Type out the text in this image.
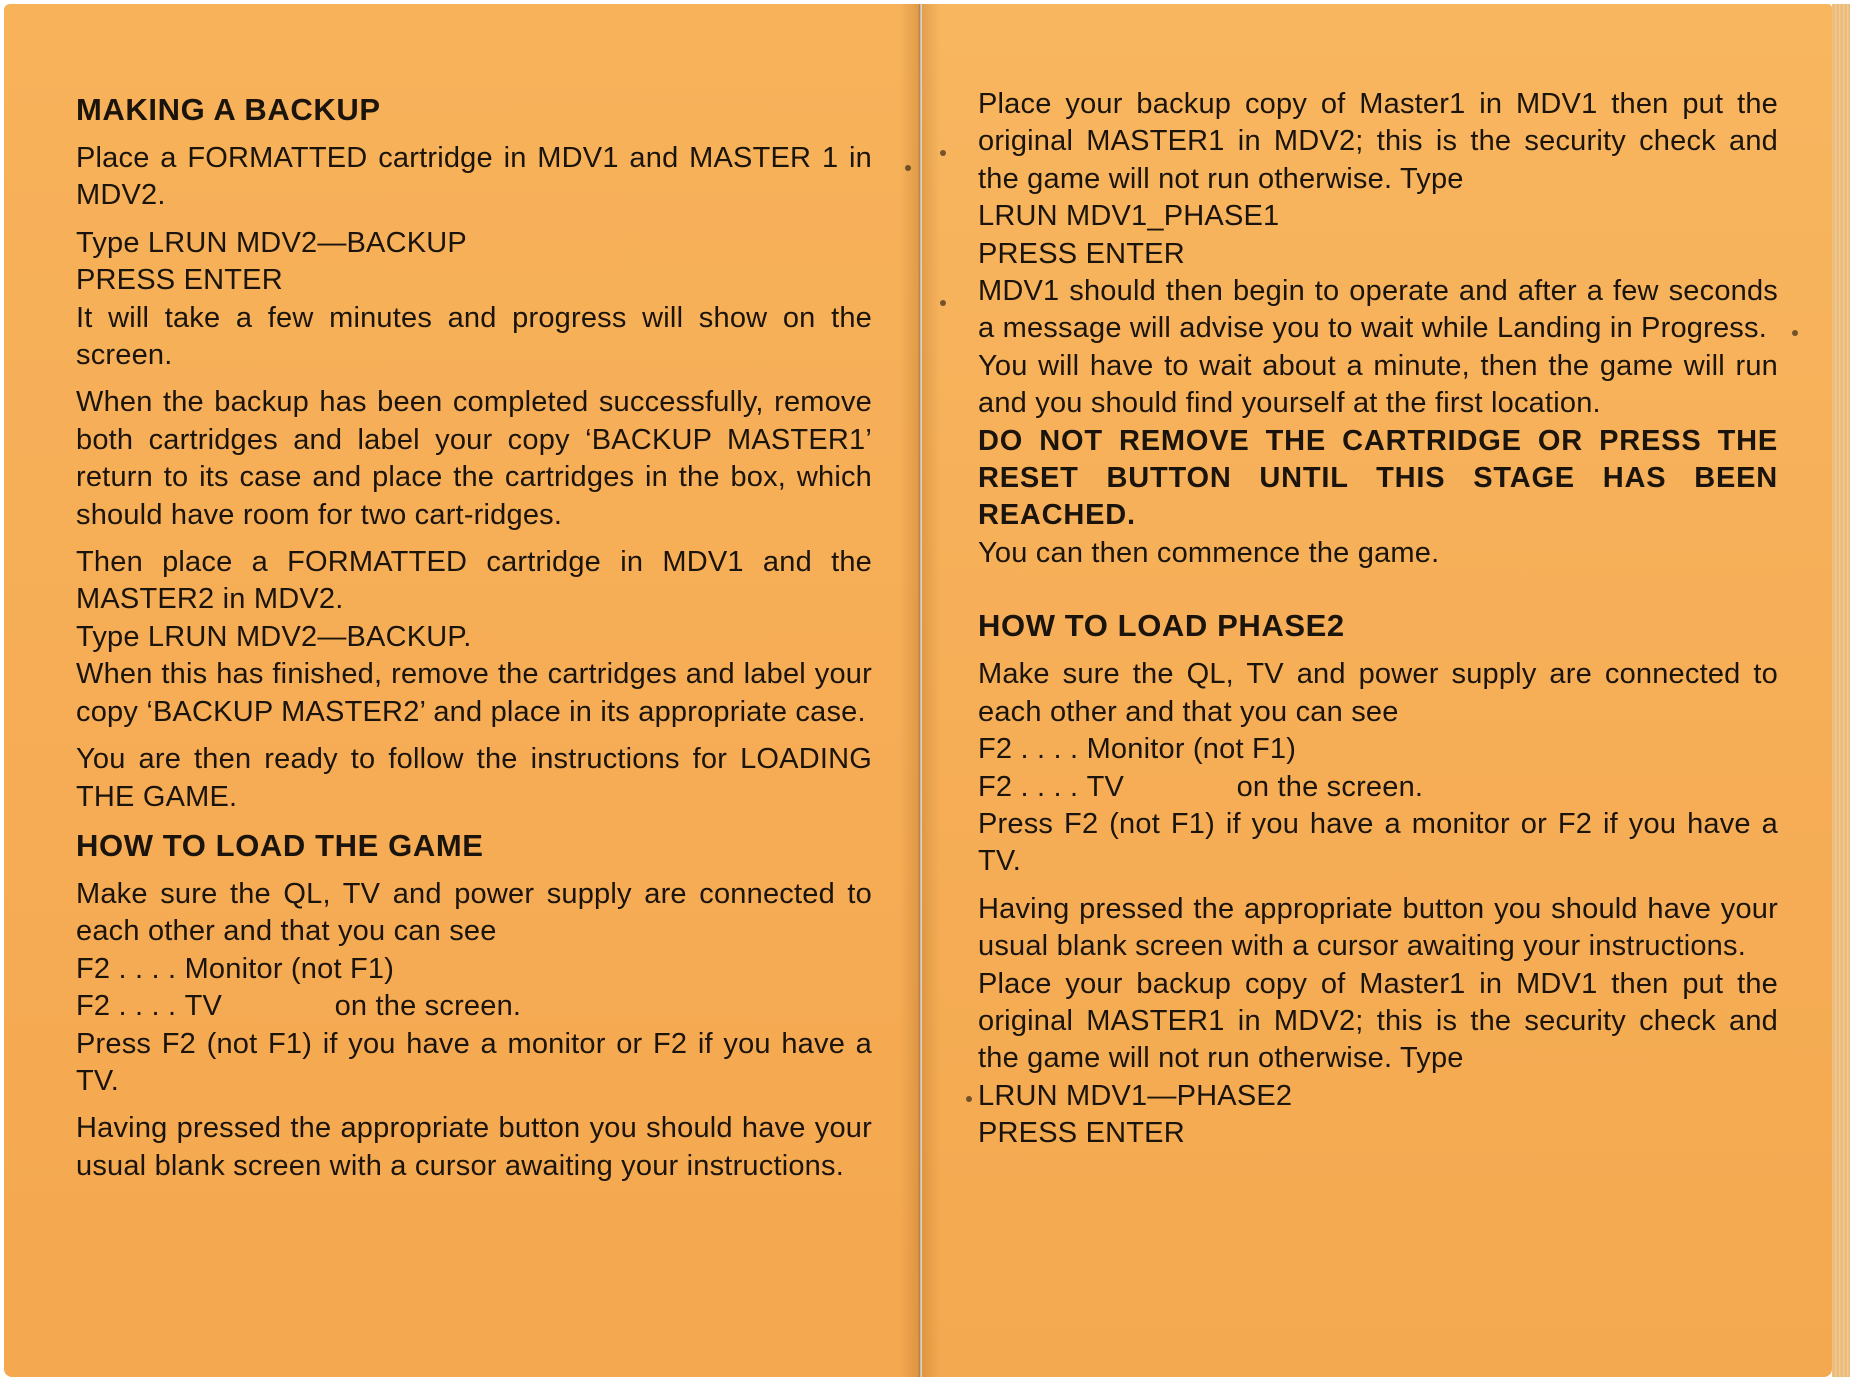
MAKING A BACKUP

Place a FORMATTED cartridge in MDV1 and MASTER 1 in MDV2.

Type LRUN MDV2—BACKUP

PRESS ENTER

It will take a few minutes and progress will show on the screen.

When the backup has been completed successfully, remove both cartridges and label your copy ‘BACKUP MASTER1’ return to its case and place the cartridges in the box, which should have room for two cart-ridges.

Then place a FORMATTED cartridge in MDV1 and the MASTER2 in MDV2.

Type LRUN MDV2—BACKUP.

When this has finished, remove the cartridges and label your copy ‘BACKUP MASTER2’ and place in its appropriate case.

You are then ready to follow the instructions for LOADING THE GAME.

HOW TO LOAD THE GAME

Make sure the QL, TV and power supply are connected to each other and that you can see

F2 . . . . Monitor (not F1)

F2 . . . . TV	on the screen.

Press F2 (not F1) if you have a monitor or F2 if you have a TV.

Having pressed the appropriate button you should have your usual blank screen with a cursor awaiting your instructions.

Place your backup copy of Master1 in MDV1 then put the original MASTER1 in MDV2; this is the security check and the game will not run otherwise. Type

LRUN MDV1_PHASE1

PRESS ENTER

MDV1 should then begin to operate and after a few seconds a message will advise you to wait while Landing in Progress.

You will have to wait about a minute, then the game will run and you should find yourself at the first location.

DO NOT REMOVE THE CARTRIDGE OR PRESS THE RESET BUTTON UNTIL THIS STAGE HAS BEEN REACHED.

You can then commence the game.

HOW TO LOAD PHASE2

Make sure the QL, TV and power supply are connected to each other and that you can see

F2 . . . . Monitor (not F1)

F2 . . . . TV	on the screen.

Press F2 (not F1) if you have a monitor or F2 if you have a TV.

Having pressed the appropriate button you should have your usual blank screen with a cursor awaiting your instructions.

Place your backup copy of Master1 in MDV1 then put the original MASTER1 in MDV2; this is the security check and the game will not run otherwise. Type

LRUN MDV1—PHASE2

PRESS ENTER
